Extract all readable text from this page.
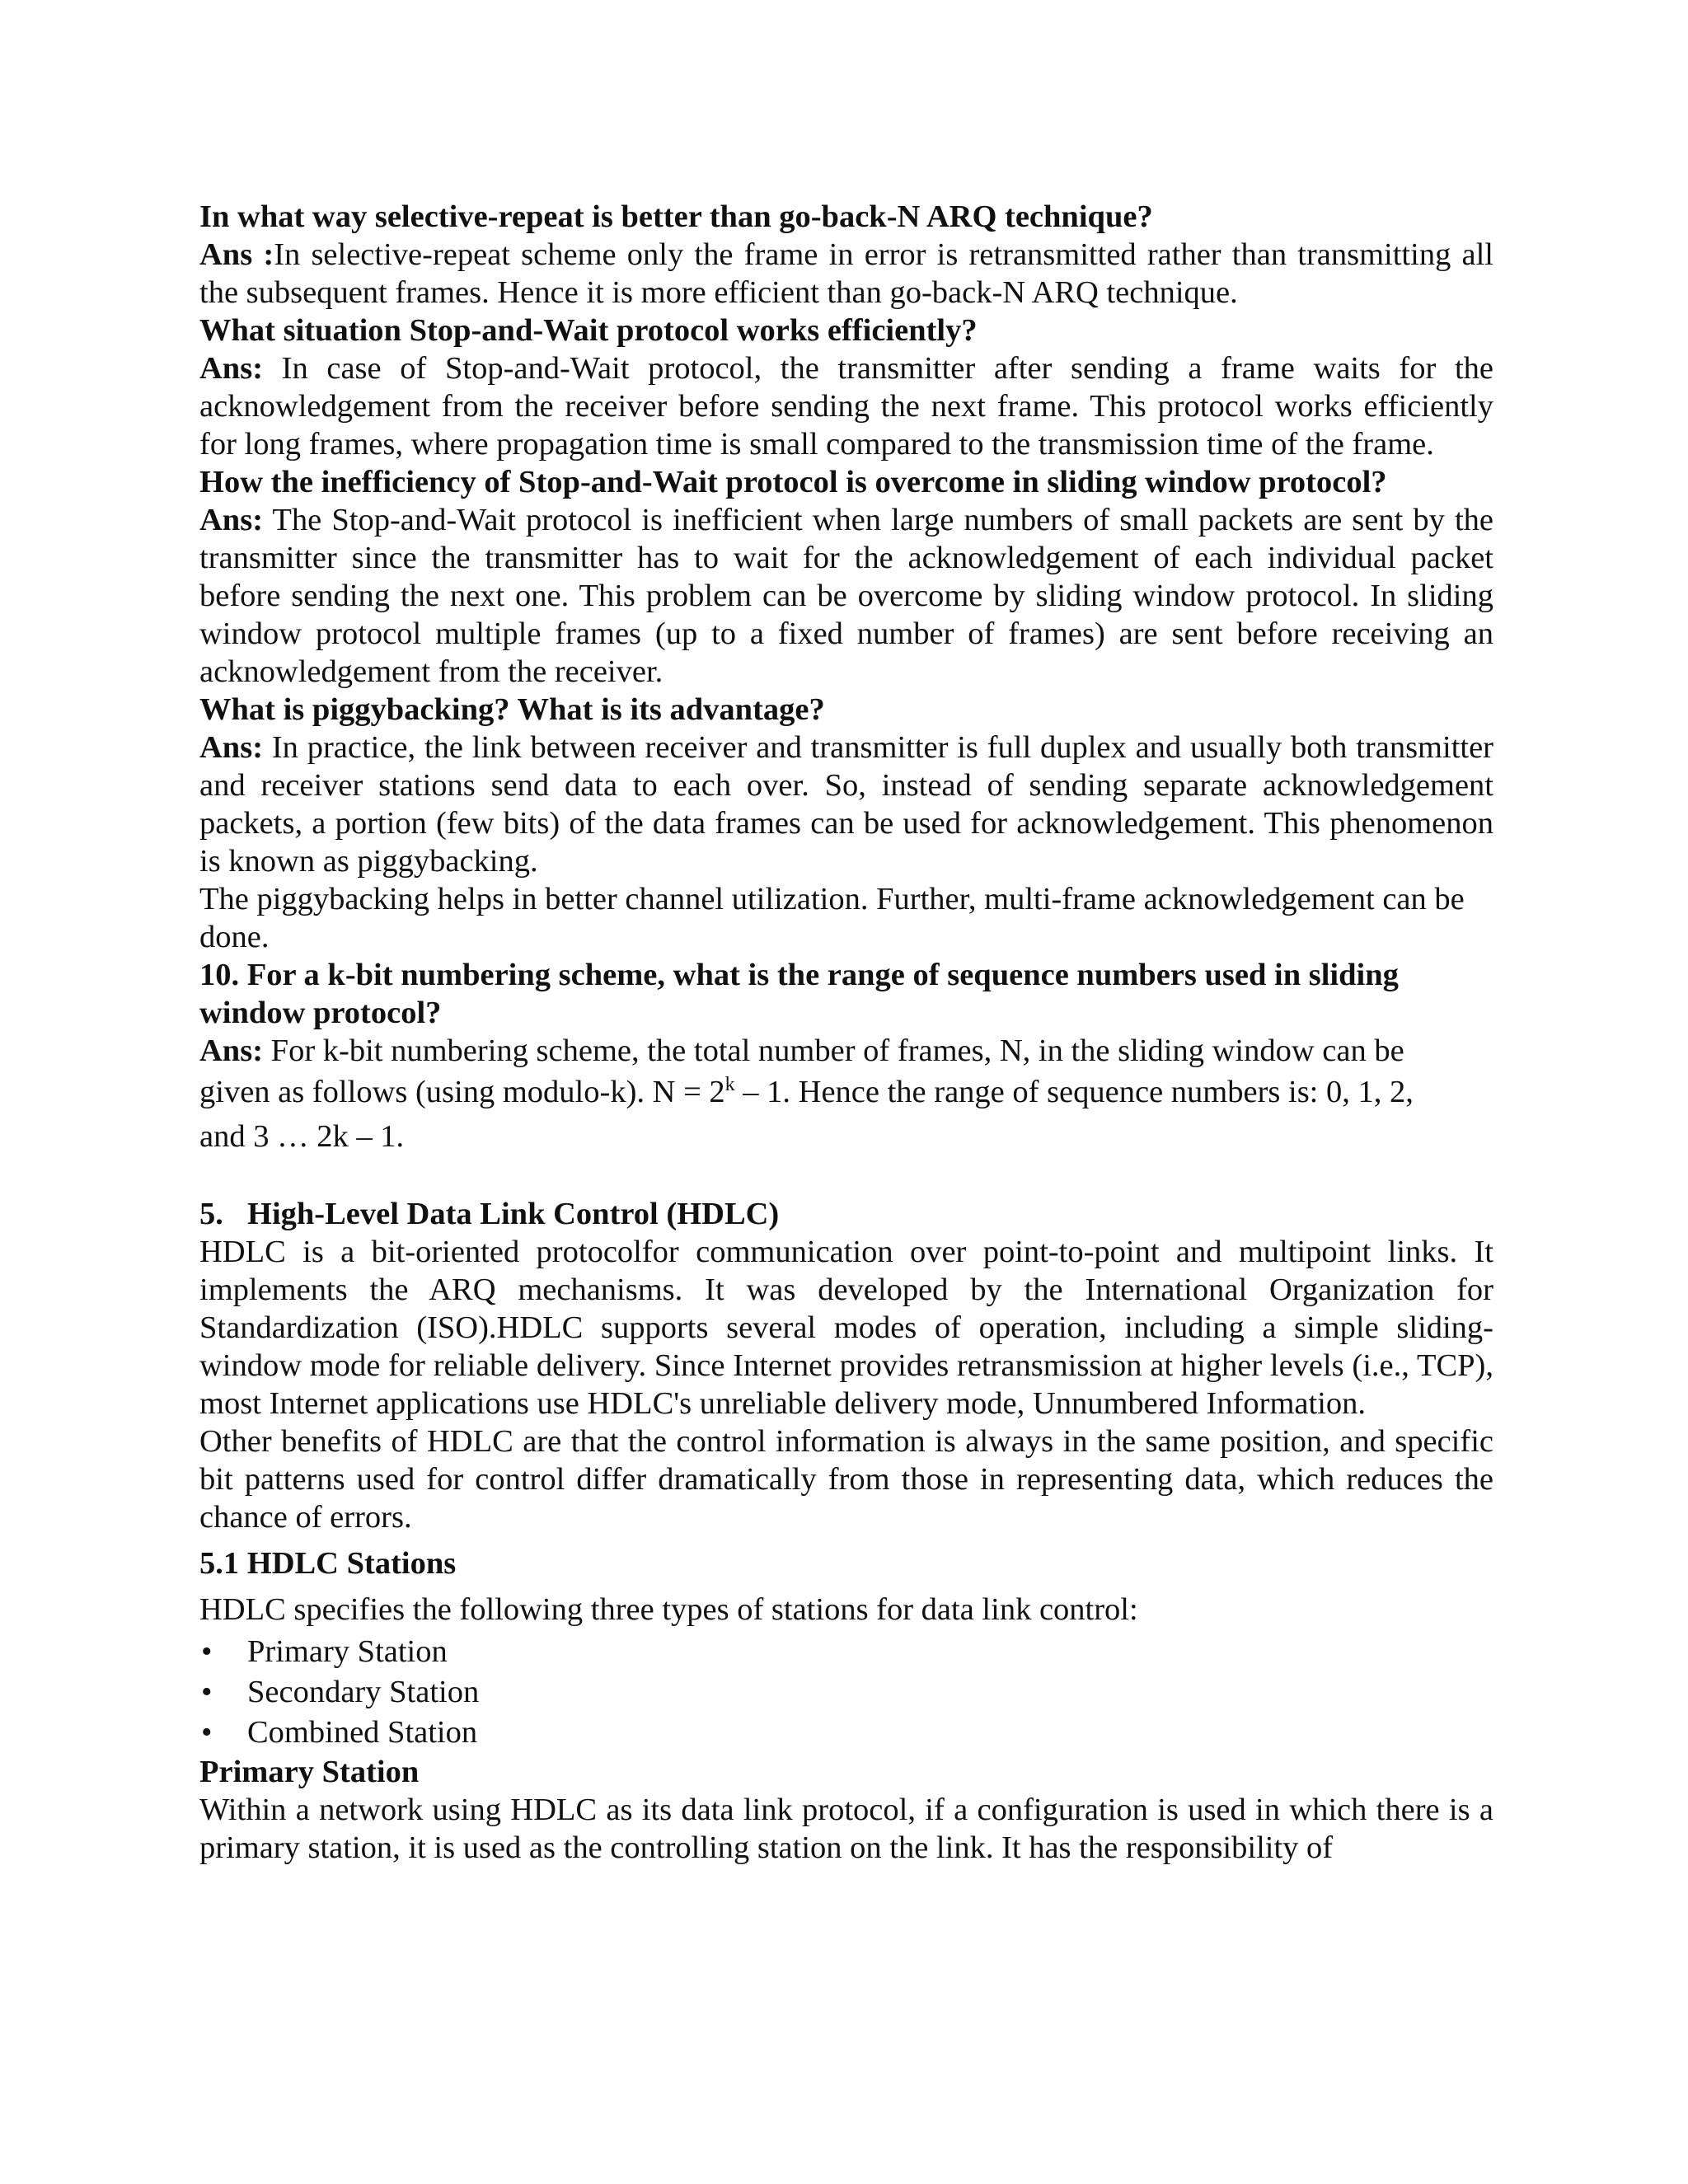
In what way selective-repeat is better than go-back-N ARQ technique?

Ans :In selective-repeat scheme only the frame in error is retransmitted rather than transmitting all the subsequent frames. Hence it is more efficient than go-back-N ARQ technique.

What situation Stop-and-Wait protocol works efficiently?

Ans: In case of Stop-and-Wait protocol, the transmitter after sending a frame waits for the acknowledgement from the receiver before sending the next frame. This protocol works efficiently for long frames, where propagation time is small compared to the transmission time of the frame.

How the inefficiency of Stop-and-Wait protocol is overcome in sliding window protocol?

Ans: The Stop-and-Wait protocol is inefficient when large numbers of small packets are sent by the transmitter since the transmitter has to wait for the acknowledgement of each individual packet before sending the next one. This problem can be overcome by sliding window protocol. In sliding window protocol multiple frames (up to a fixed number of frames) are sent before receiving an acknowledgement from the receiver.

What is piggybacking? What is its advantage?

Ans: In practice, the link between receiver and transmitter is full duplex and usually both transmitter and receiver stations send data to each over. So, instead of sending separate acknowledgement packets, a portion (few bits) of the data frames can be used for acknowledgement. This phenomenon is known as piggybacking.

The piggybacking helps in better channel utilization. Further, multi-frame acknowledgement can be done.

10. For a k-bit numbering scheme, what is the range of sequence numbers used in sliding window protocol?

Ans: For k-bit numbering scheme, the total number of frames, N, in the sliding window can be

given as follows (using modulo-k). $N = 2^k - 1$. Hence the range of sequence numbers is: 0, 1, 2,

and 3 … 2k – 1.

5. High-Level Data Link Control (HDLC)

HDLC is a bit-oriented protocolfor communication over point-to-point and multipoint links. It implements the ARQ mechanisms. It was developed by the International Organization for Standardization (ISO).HDLC supports several modes of operation, including a simple sliding-window mode for reliable delivery. Since Internet provides retransmission at higher levels (i.e., TCP), most Internet applications use HDLC's unreliable delivery mode, Unnumbered Information.

Other benefits of HDLC are that the control information is always in the same position, and specific bit patterns used for control differ dramatically from those in representing data, which reduces the chance of errors.

5.1 HDLC Stations

HDLC specifies the following three types of stations for data link control:

• Primary Station
• Secondary Station
• Combined Station

Primary Station

Within a network using HDLC as its data link protocol, if a configuration is used in which there is a primary station, it is used as the controlling station on the link. It has the responsibility of
